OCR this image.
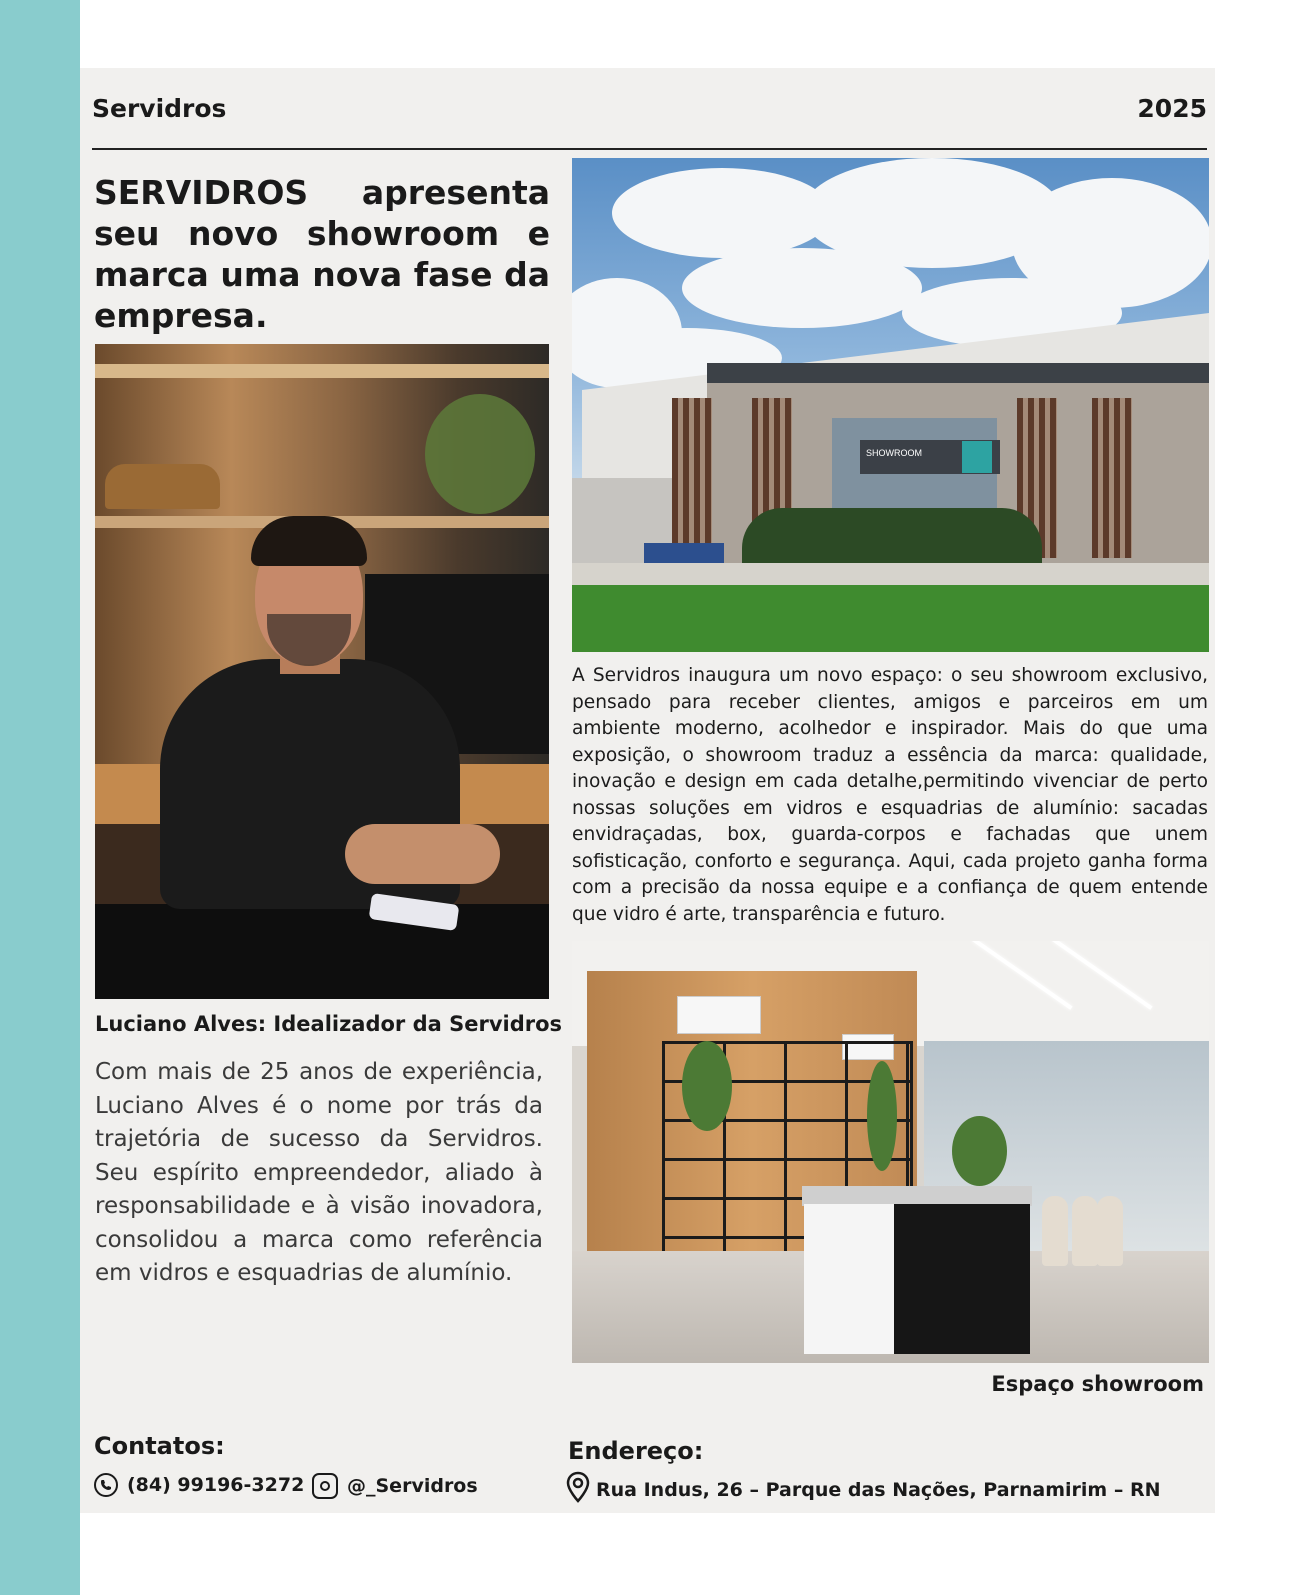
Servidros	2025
SERVIDROS apresenta seu novo showroom e marca uma nova fase da empresa.
SHOWROOM
A Servidros inaugura um novo espaço: o seu showroom exclusivo, pensado para receber clientes, amigos e parceiros em um ambiente moderno, acolhedor e inspirador. Mais do que uma exposição, o showroom traduz a essência da marca: qualidade, inovação e design em cada detalhe,permitindo vivenciar de perto nossas soluções em vidros e esquadrias de alumínio: sacadas envidraçadas, box, guarda-corpos e fachadas que unem sofisticação, conforto e segurança. Aqui, cada projeto ganha forma com a precisão da nossa equipe e a confiança de quem entende que vidro é arte, transparência e futuro.
Luciano Alves: Idealizador da Servidros
Com mais de 25 anos de experiência, Luciano Alves é o nome por trás da trajetória de sucesso da Servidros. Seu espírito empreendedor, aliado à responsabilidade e à visão inovadora, consolidou a marca como referência em vidros e esquadrias de alumínio.
Espaço showroom
Contatos:	Endereço:
(84) 99196-3272 @_Servidros	Rua Indus, 26 – Parque das Nações, Parnamirim – RN
